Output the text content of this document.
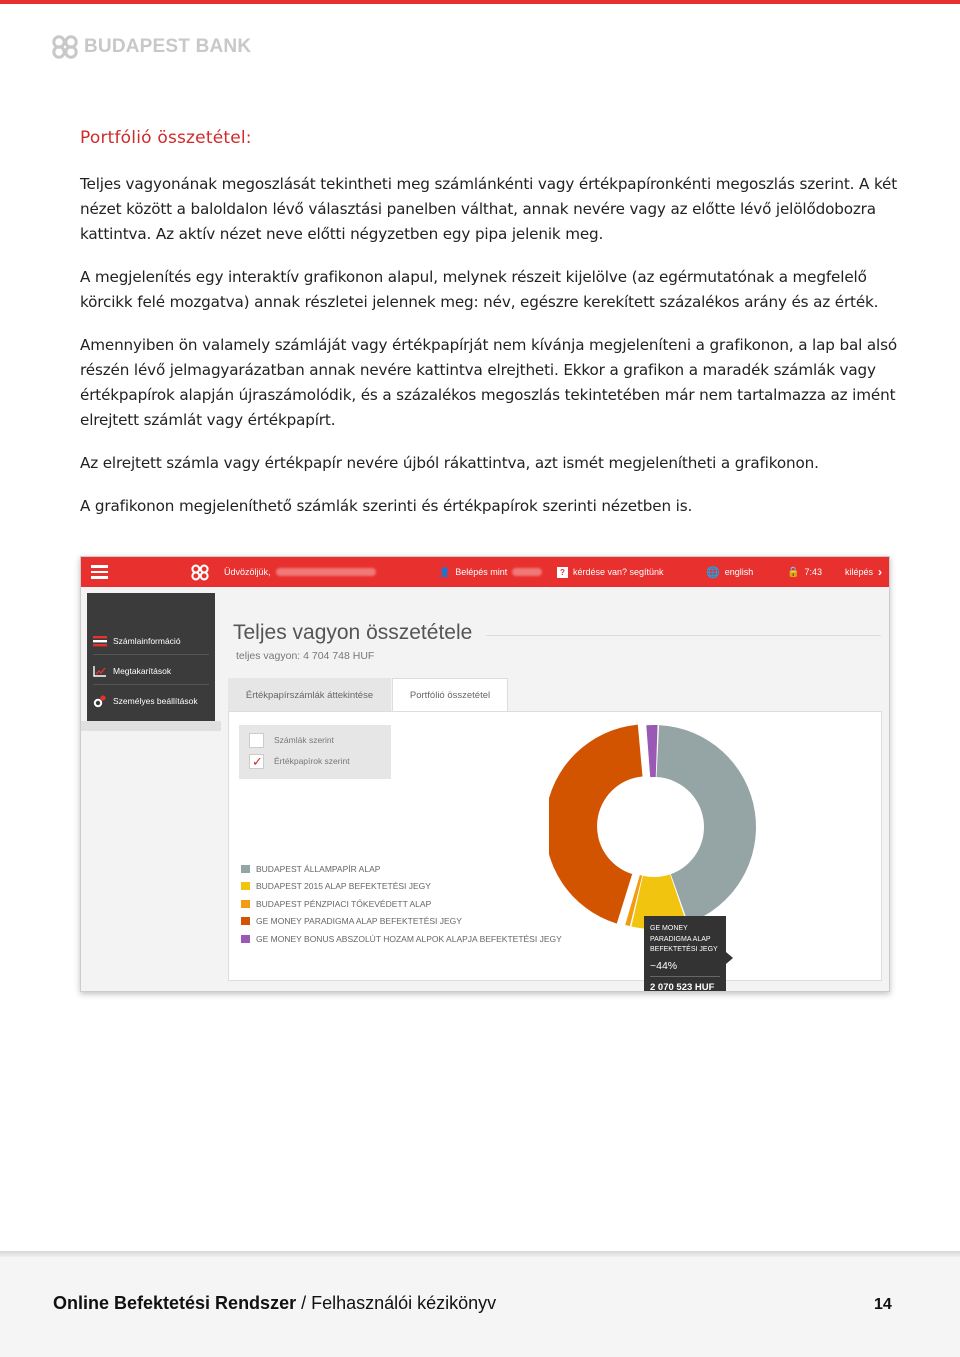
BUDAPEST BANK
Portfólió összetétel:

Teljes vagyonának megoszlását tekintheti meg számlánkénti vagy értékpapíronkénti megoszlás szerint. A két nézet között a baloldalon lévő választási panelben válthat, annak nevére vagy az előtte lévő jelölődobozra kattintva. Az aktív nézet neve előtti négyzetben egy pipa jelenik meg.

A megjelenítés egy interaktív grafikonon alapul, melynek részeit kijelölve (az egérmutatónak a megfelelő körcikk felé mozgatva) annak részletei jelennek meg: név, egészre kerekített százalékos arány és az érték.

Amennyiben ön valamely számláját vagy értékpapírját nem kívánja megjeleníteni a grafikonon, a lap bal alsó részén lévő jelmagyarázatban annak nevére kattintva elrejtheti. Ekkor a grafikon a maradék számlák vagy értékpapírok alapján újraszámolódik, és a százalékos megoszlás tekintetében már nem tartalmazza az imént elrejtett számlát vagy értékpapírt.

Az elrejtett számla vagy értékpapír nevére újból rákattintva, azt ismét megjelenítheti a grafikonon.

A grafikonon megjeleníthető számlák szerinti és értékpapírok szerinti nézetben is.

Üdvözöljük,	👤 Belépés mint	? kérdése van? segítünk	🌐 english	🔒 7:43	kilépés ›
Számlainformáció
Megtakarítások
Személyes beállítások
Teljes vagyon összetétele
teljes vagyon: 4 704 748 HUF
Értékpapírszámlák áttekintése	Portfólió összetétel
Számlák szerint
✓ Értékpapírok szerint
BUDAPEST ÁLLAMPAPÍR ALAP
BUDAPEST 2015 ALAP BEFEKTETÉSI JEGY
BUDAPEST PÉNZPIACI TŐKEVÉDETT ALAP
GE MONEY PARADIGMA ALAP BEFEKTETÉSI JEGY
GE MONEY BONUS ABSZOLÚT HOZAM ALPOK ALAPJA BEFEKTETÉSI JEGY
GE MONEY PARADIGMA ALAP BEFEKTETÉSI JEGY
~44%
2 070 523 HUF
Online Befektetési Rendszer / Felhasználói kézikönyv	14
